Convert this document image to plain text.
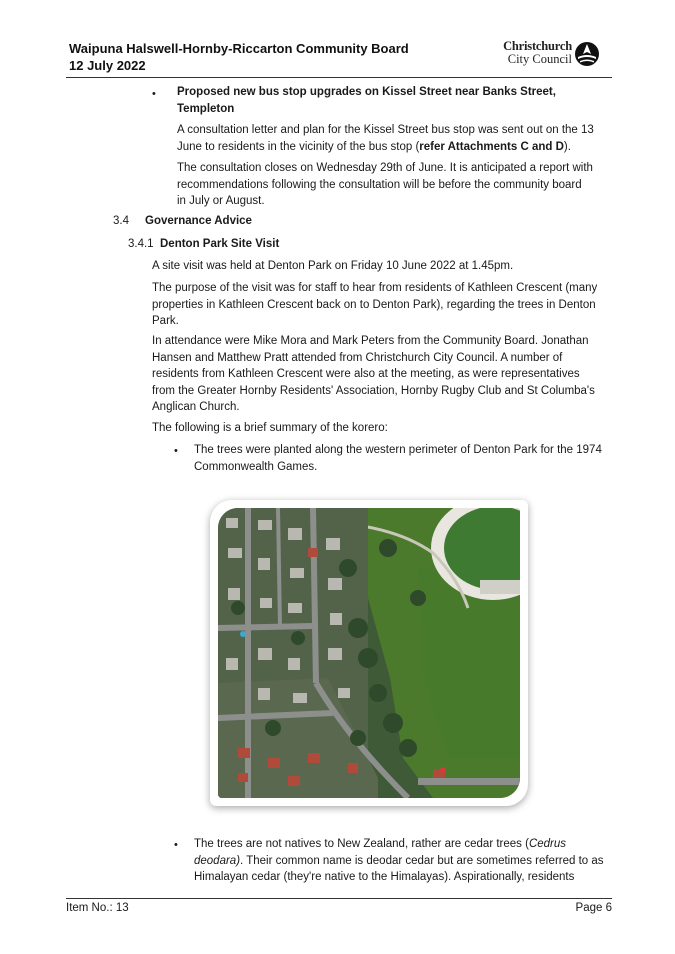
Waipuna Halswell-Hornby-Riccarton Community Board
12 July 2022
Christchurch
City Council
• Proposed new bus stop upgrades on Kissel Street near Banks Street,
Templeton
A consultation letter and plan for the Kissel Street bus stop was sent out on the 13
June to residents in the vicinity of the bus stop (refer Attachments C and D).
The consultation closes on Wednesday 29th of June. It is anticipated a report with
recommendations following the consultation will be before the community board
in July or August.
3.4 Governance Advice
3.4.1 Denton Park Site Visit
A site visit was held at Denton Park on Friday 10 June 2022 at 1.45pm.
The purpose of the visit was for staff to hear from residents of Kathleen Crescent (many
properties in Kathleen Crescent back on to Denton Park), regarding the trees in Denton
Park.
In attendance were Mike Mora and Mark Peters from the Community Board. Jonathan
Hansen and Matthew Pratt attended from Christchurch City Council. A number of
residents from Kathleen Crescent were also at the meeting, as were representatives
from the Greater Hornby Residents' Association, Hornby Rugby Club and St Columba's
Anglican Church.
The following is a brief summary of the korero:
• The trees were planted along the western perimeter of Denton Park for the 1974
Commonwealth Games.
• The trees are not natives to New Zealand, rather are cedar trees (Cedrus
deodara). Their common name is deodar cedar but are sometimes referred to as
Himalayan cedar (they're native to the Himalayas). Aspirationally, residents
Item No.: 13	Page 6
